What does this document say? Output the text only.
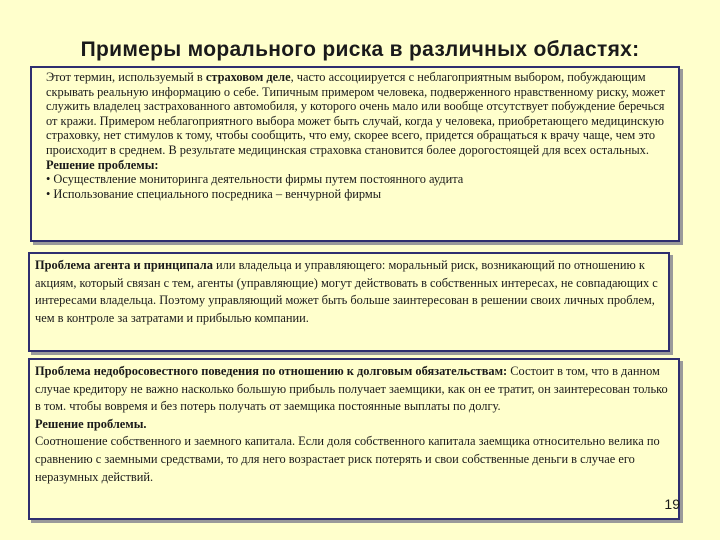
Примеры морального риска в различных областях:

Этот термин, используемый в страховом деле, часто ассоциируется с неблагоприятным выбором, побуждающим скрывать реальную информацию о себе. Типичным примером человека, подверженного нравственному риску, может служить владелец застрахованного автомобиля, у которого очень мало или вообще отсутствует побуждение беречься от кражи. Примером неблагоприятного выбора может быть случай, когда у человека, приобретающего медицинскую страховку, нет стимулов к тому, чтобы сообщить, что ему, скорее всего, придется обращаться к врачу чаще, чем это происходит в среднем. В результате медицинская страховка становится более дорогостоящей для всех остальных.

Решение проблемы:

• Осуществление мониторинга деятельности фирмы путем постоянного аудита

• Использование специального посредника – венчурной фирмы

Проблема агента и принципала или владельца и управляющего: моральный риск, возникающий по отношению к акциям, который связан с тем, агенты (управляющие) могут действовать в собственных интересах, не совпадающих с интересами владельца. Поэтому управляющий может быть больше заинтересован в решении своих личных проблем, чем в контроле за затратами и прибылью компании.

Проблема недобросовестного поведения по отношению к долговым обязательствам: Состоит в том, что в данном случае кредитору не важно насколько большую прибыль получает заемщики, как он ее тратит, он заинтересован только в том. чтобы вовремя и без потерь получать от заемщика постоянные выплаты по долгу.

Решение проблемы.

Соотношение собственного и заемного капитала. Если доля собственного капитала заемщика относительно велика по сравнению с заемными средствами, то для него возрастает риск потерять и свои собственные деньги в случае его неразумных действий.

19
